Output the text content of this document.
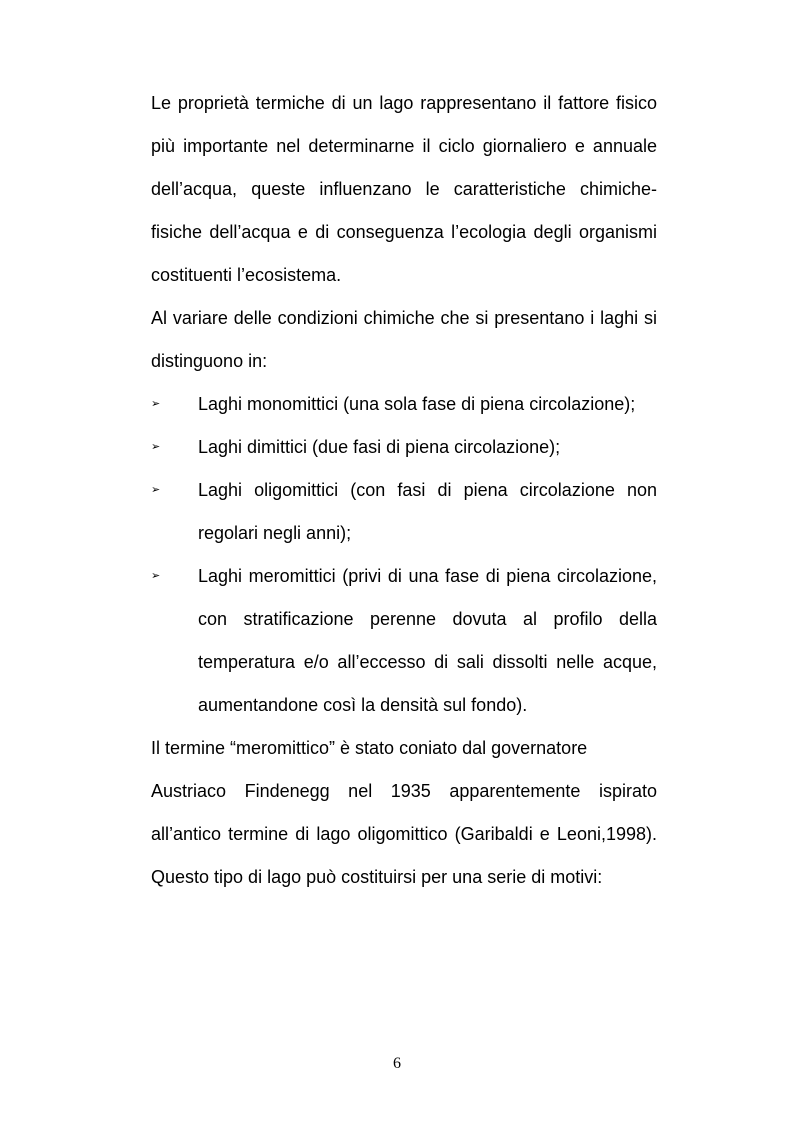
Le proprietà termiche di un lago rappresentano il fattore fisico più importante nel determinarne il ciclo giornaliero e annuale dell’acqua, queste influenzano le caratteristiche chimiche-fisiche dell’acqua e di conseguenza l’ecologia degli organismi costituenti l’ecosistema.

Al variare delle condizioni chimiche che si presentano i laghi si distinguono in:

➢ Laghi monomittici (una sola fase di piena circolazione);
➢ Laghi dimittici (due fasi di piena circolazione);
➢ Laghi oligomittici (con fasi di piena circolazione non regolari negli anni);
➢ Laghi meromittici (privi di una fase di piena circolazione, con stratificazione perenne dovuta al profilo della temperatura e/o all’eccesso di sali dissolti nelle acque, aumentandone così la densità sul fondo).

Il termine “meromittico” è stato coniato dal governatore
Austriaco Findenegg nel 1935 apparentemente ispirato all’antico termine di lago oligomittico (Garibaldi e Leoni,1998). Questo tipo di lago può costituirsi per una serie di motivi:

6
